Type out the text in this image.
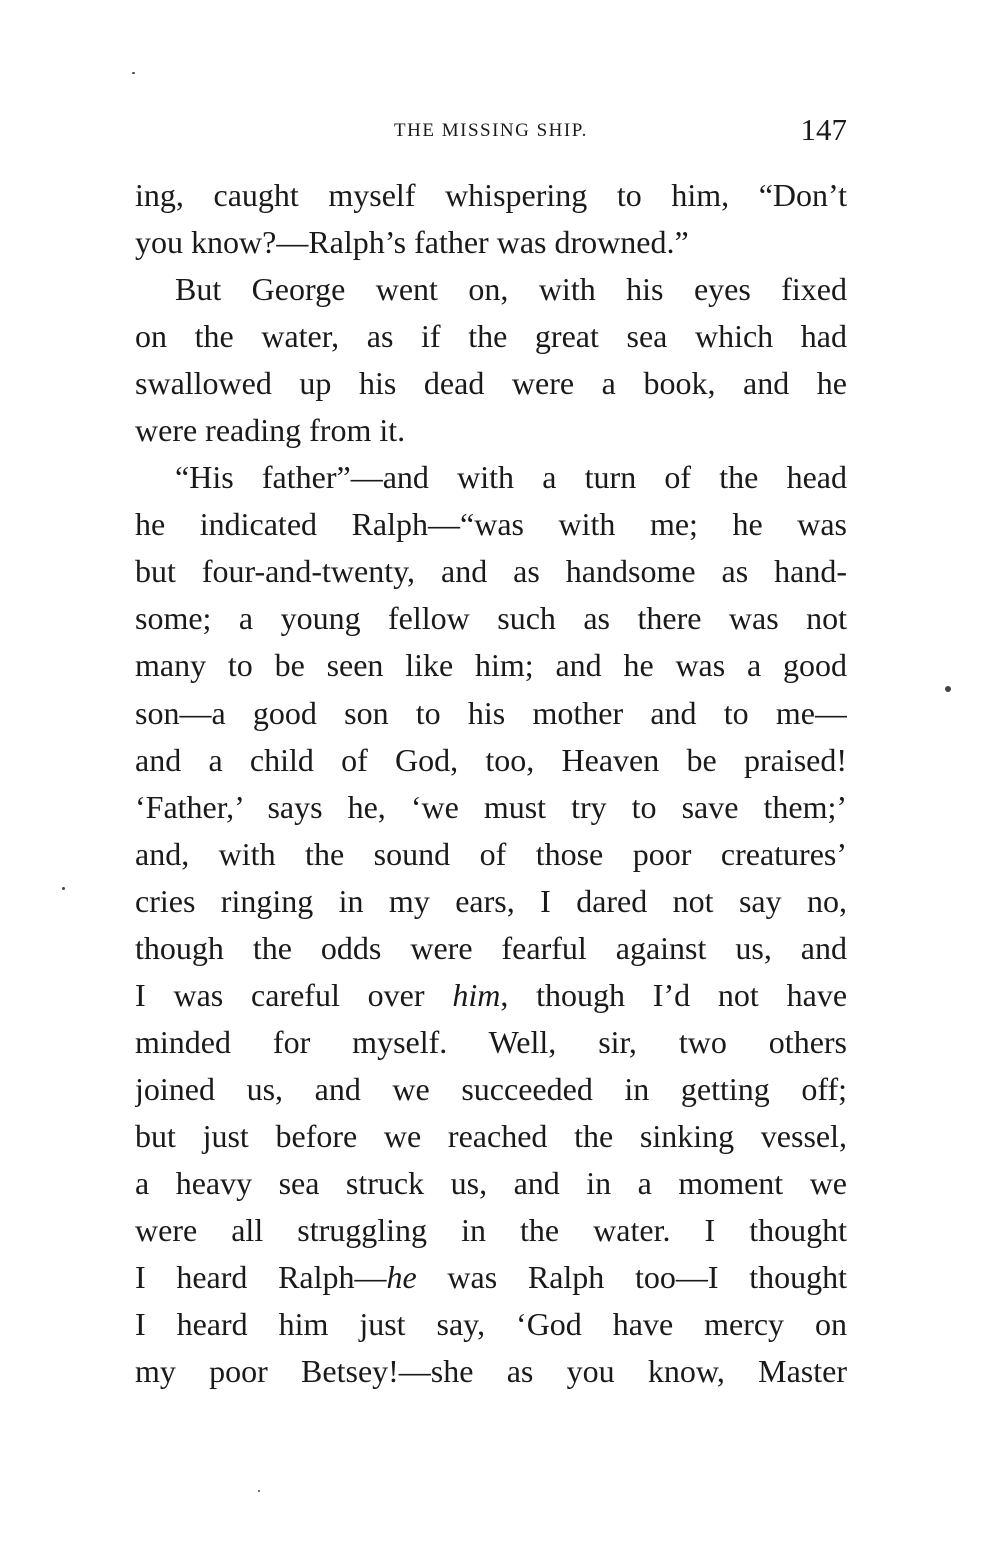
THE MISSING SHIP.	147
ing, caught myself whispering to him, “Don’t
you know?—Ralph’s father was drowned.”
But George went on, with his eyes fixed
on the water, as if the great sea which had
swallowed up his dead were a book, and he
were reading from it.
“His father”—and with a turn of the head
he indicated Ralph—“was with me; he was
but four-and-twenty, and as handsome as hand-
some; a young fellow such as there was not
many to be seen like him; and he was a good
son—a good son to his mother and to me—
and a child of God, too, Heaven be praised!
‘Father,’ says he, ‘we must try to save them;’
and, with the sound of those poor creatures’
cries ringing in my ears, I dared not say no,
though the odds were fearful against us, and
I was careful over him, though I’d not have
minded for myself. Well, sir, two others
joined us, and we succeeded in getting off;
but just before we reached the sinking vessel,
a heavy sea struck us, and in a moment we
were all struggling in the water. I thought
I heard Ralph—he was Ralph too—I thought
I heard him just say, ‘God have mercy on
my poor Betsey!—she as you know, Master
